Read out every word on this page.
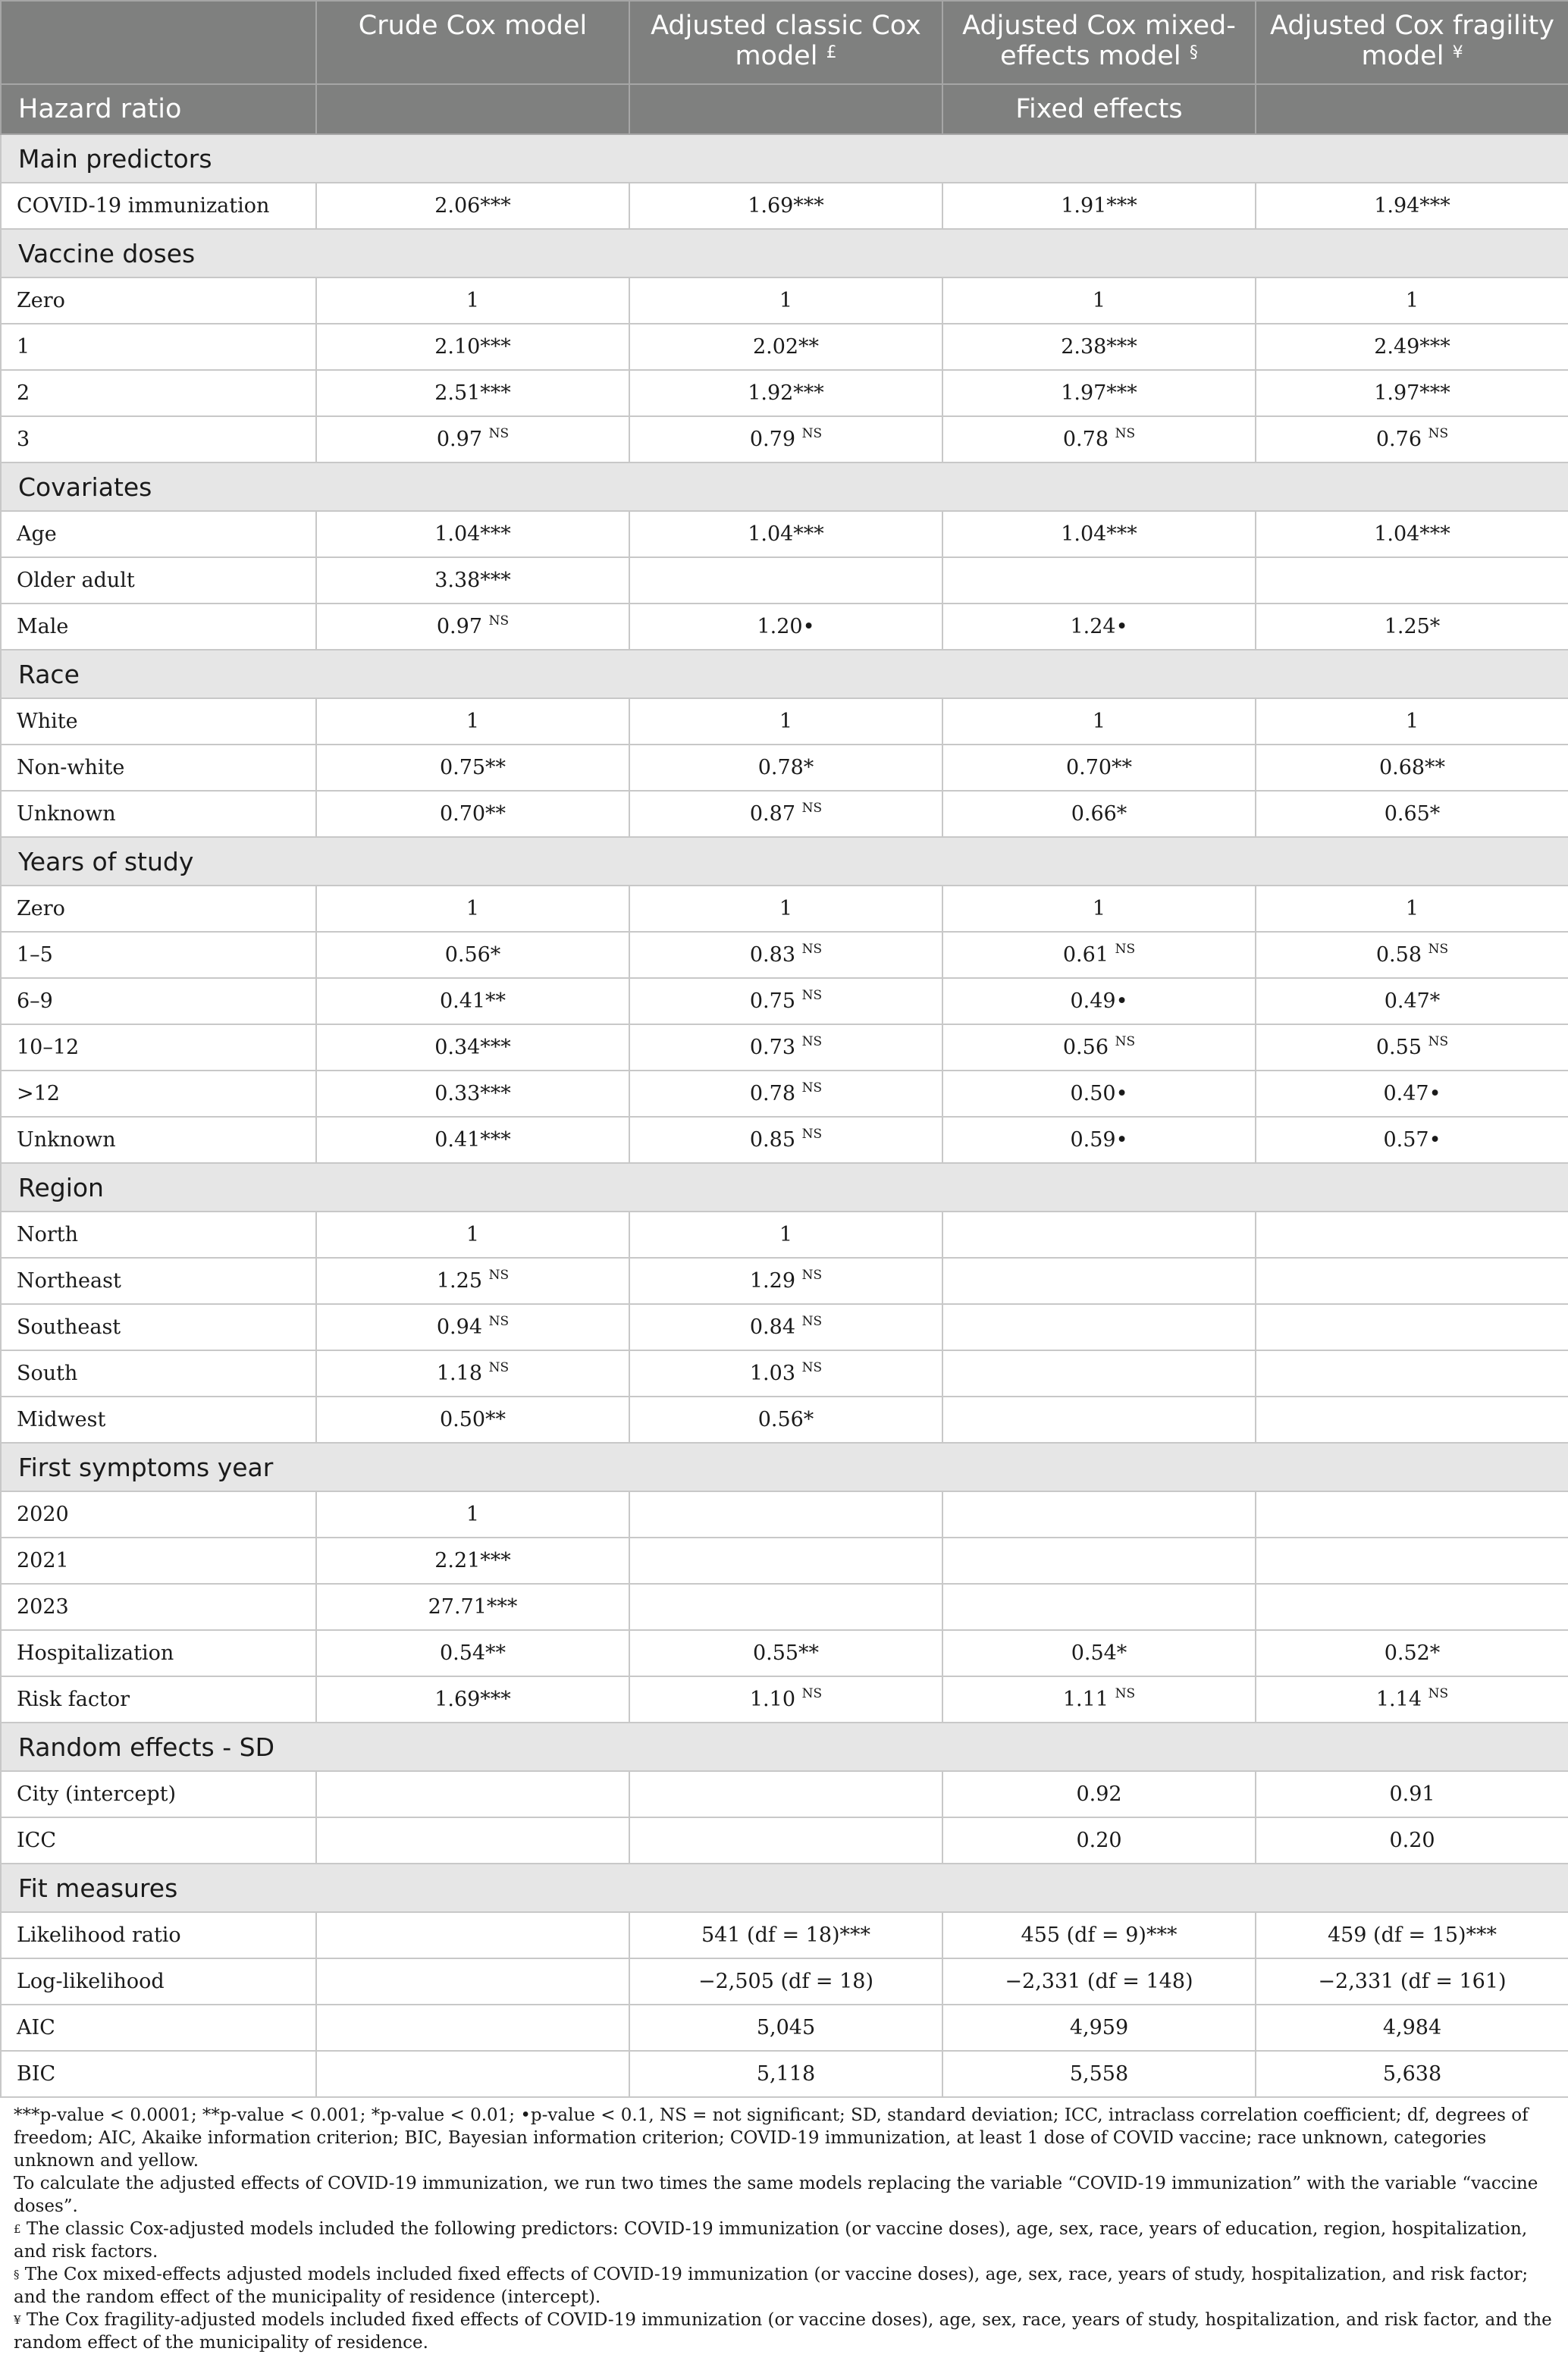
	Crude Cox model	Adjusted classic Cox model £	Adjusted Cox mixed-effects model §	Adjusted Cox fragility model ¥
Hazard ratio			Fixed effects	
Main predictors				
COVID-19 immunization	2.06***	1.69***	1.91***	1.94***
Vaccine doses				
Zero	1	1	1	1
1	2.10***	2.02**	2.38***	2.49***
2	2.51***	1.92***	1.97***	1.97***
3	0.97 $^{NS}$	0.79 $^{NS}$	0.78 $^{NS}$	0.76 $^{NS}$
Covariates				
Age	1.04***	1.04***	1.04***	1.04***
Older adult	3.38***			
Male	0.97 $^{NS}$	1.20•	1.24•	1.25*
Race				
White	1	1	1	1
Non-white	0.75**	0.78*	0.70**	0.68**
Unknown	0.70**	0.87 $^{NS}$	0.66*	0.65*
Years of study				
Zero	1	1	1	1
1–5	0.56*	0.83 $^{NS}$	0.61 $^{NS}$	0.58 $^{NS}$
6–9	0.41**	0.75 $^{NS}$	0.49•	0.47*
10–12	0.34***	0.73 $^{NS}$	0.56 $^{NS}$	0.55 $^{NS}$
>12	0.33***	0.78 $^{NS}$	0.50•	0.47•
Unknown	0.41***	0.85 $^{NS}$	0.59•	0.57•
Region				
North	1	1		
Northeast	1.25 $^{NS}$	1.29 $^{NS}$		
Southeast	0.94 $^{NS}$	0.84 $^{NS}$		
South	1.18 $^{NS}$	1.03 $^{NS}$		
Midwest	0.50**	0.56*		
First symptoms year				
2020	1			
2021	2.21***			
2023	27.71***			
Hospitalization	0.54**	0.55**	0.54*	0.52*
Risk factor	1.69***	1.10 $^{NS}$	1.11 $^{NS}$	1.14 $^{NS}$
Random effects - SD				
City (intercept)			0.92	0.91
ICC			0.20	0.20
Fit measures				
Likelihood ratio		541 (df = 18)***	455 (df = 9)***	459 (df = 15)***
Log-likelihood		−2,505 (df = 18)	−2,331 (df = 148)	−2,331 (df = 161)
AIC		5,045	4,959	4,984
BIC		5,118	5,558	5,638

***p-value < 0.0001; **p-value < 0.001; *p-value < 0.01; •p-value < 0.1, NS = not significant; SD, standard deviation; ICC, intraclass correlation coefficient; df, degrees of freedom; AIC, Akaike information criterion; BIC, Bayesian information criterion; COVID-19 immunization, at least 1 dose of COVID vaccine; race unknown, categories unknown and yellow.

To calculate the adjusted effects of COVID-19 immunization, we run two times the same models replacing the variable “COVID-19 immunization” with the variable “vaccine doses”.

£ The classic Cox-adjusted models included the following predictors: COVID-19 immunization (or vaccine doses), age, sex, race, years of education, region, hospitalization, and risk factors.

§ The Cox mixed-effects adjusted models included fixed effects of COVID-19 immunization (or vaccine doses), age, sex, race, years of study, hospitalization, and risk factor; and the random effect of the municipality of residence (intercept).

¥ The Cox fragility-adjusted models included fixed effects of COVID-19 immunization (or vaccine doses), age, sex, race, years of study, hospitalization, and risk factor, and the random effect of the municipality of residence.
